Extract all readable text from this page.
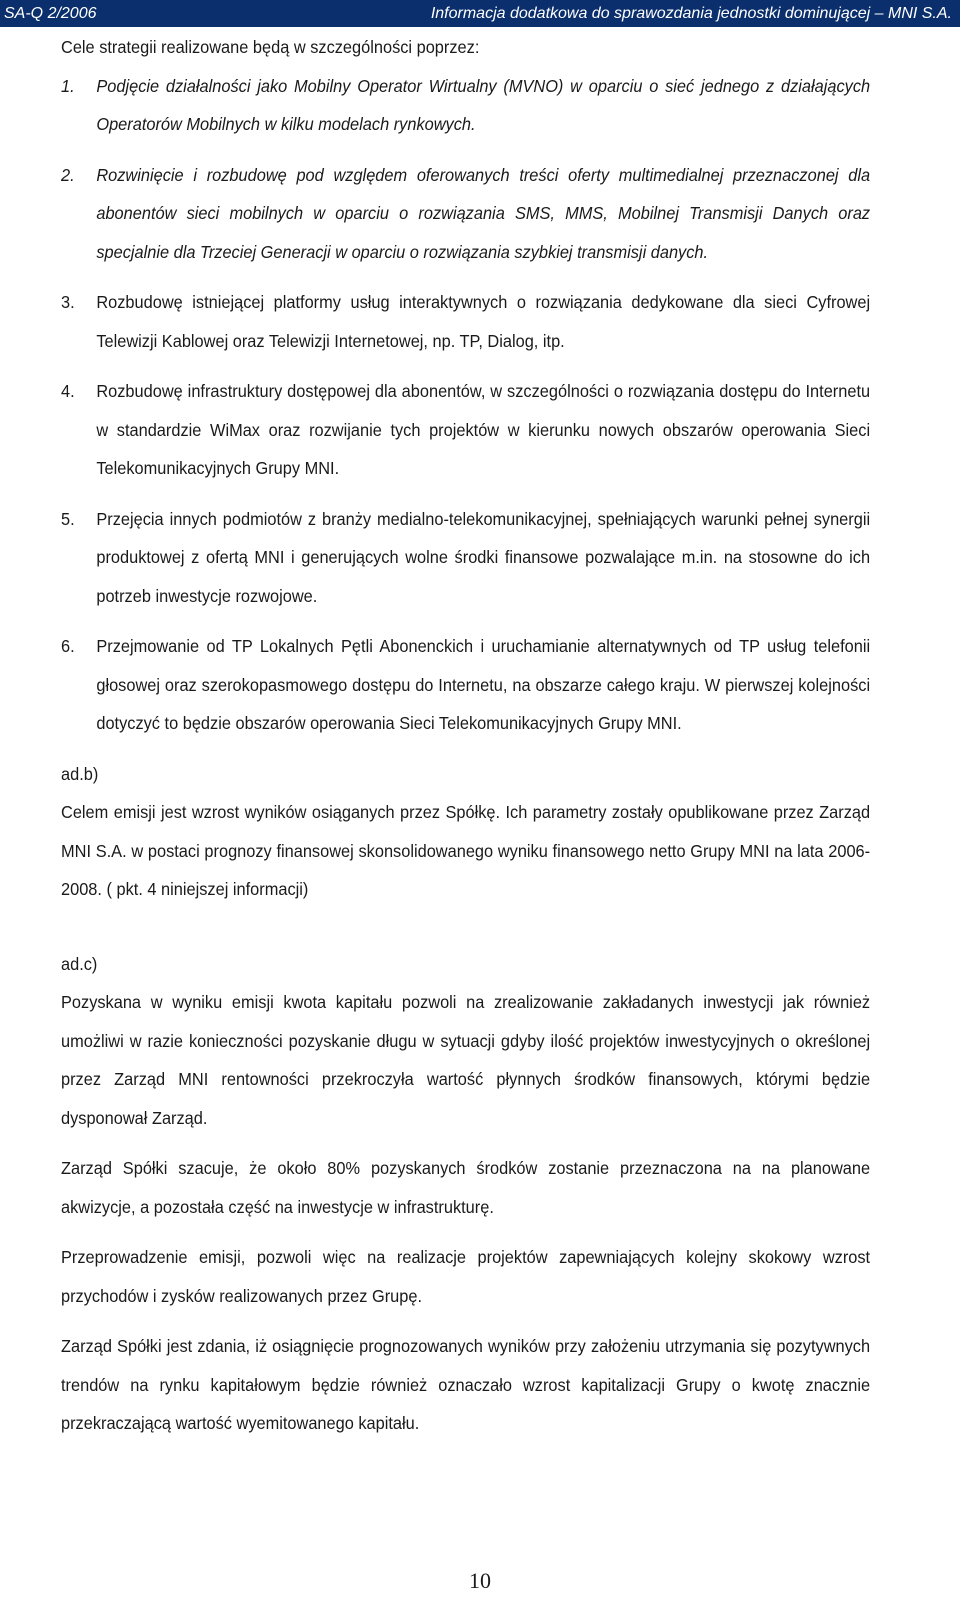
SA-Q 2/2006	Informacja dodatkowa do sprawozdania jednostki dominującej – MNI S.A.

Cele strategii realizowane będą w szczególności poprzez:

1. Podjęcie działalności jako Mobilny Operator Wirtualny (MVNO) w oparciu o sieć jednego z działających Operatorów Mobilnych w kilku modelach rynkowych.

2. Rozwinięcie i rozbudowę pod względem oferowanych treści oferty multimedialnej przeznaczonej dla abonentów sieci mobilnych w oparciu o rozwiązania SMS, MMS, Mobilnej Transmisji Danych oraz specjalnie dla Trzeciej Generacji w oparciu o rozwiązania szybkiej transmisji danych.

3. Rozbudowę istniejącej platformy usług interaktywnych o rozwiązania dedykowane dla sieci Cyfrowej Telewizji Kablowej oraz Telewizji Internetowej, np. TP, Dialog, itp.

4. Rozbudowę infrastruktury dostępowej dla abonentów, w szczególności o rozwiązania dostępu do Internetu w standardzie WiMax oraz rozwijanie tych projektów w kierunku nowych obszarów operowania Sieci Telekomunikacyjnych Grupy MNI.

5. Przejęcia innych podmiotów z branży medialno-telekomunikacyjnej, spełniających warunki pełnej synergii produktowej z ofertą MNI i generujących wolne środki finansowe pozwalające m.in. na stosowne do ich potrzeb inwestycje rozwojowe.

6. Przejmowanie od TP Lokalnych Pętli Abonenckich i uruchamianie alternatywnych od TP usług telefonii głosowej oraz szerokopasmowego dostępu do Internetu, na obszarze całego kraju. W pierwszej kolejności dotyczyć to będzie obszarów operowania Sieci Telekomunikacyjnych Grupy MNI.

ad.b)

Celem emisji jest wzrost wyników osiąganych przez Spółkę. Ich parametry zostały opublikowane przez Zarząd MNI S.A. w postaci prognozy finansowej skonsolidowanego wyniku finansowego netto Grupy MNI na lata 2006-2008. ( pkt. 4 niniejszej informacji)

ad.c)

Pozyskana w wyniku emisji kwota kapitału pozwoli na zrealizowanie zakładanych inwestycji jak również umożliwi w razie konieczności pozyskanie długu w sytuacji gdyby ilość projektów inwestycyjnych o określonej przez Zarząd MNI rentowności przekroczyła wartość płynnych środków finansowych, którymi będzie dysponował Zarząd.

Zarząd Spółki szacuje, że około 80% pozyskanych środków zostanie przeznaczona na na planowane akwizycje, a pozostała część na inwestycje w infrastrukturę.

Przeprowadzenie emisji, pozwoli więc na realizacje projektów zapewniających kolejny skokowy wzrost przychodów i zysków realizowanych przez Grupę.

Zarząd Spółki jest zdania, iż osiągnięcie prognozowanych wyników przy założeniu utrzymania się pozytywnych trendów na rynku kapitałowym będzie również oznaczało wzrost kapitalizacji Grupy o kwotę znacznie przekraczającą wartość wyemitowanego kapitału.

10
